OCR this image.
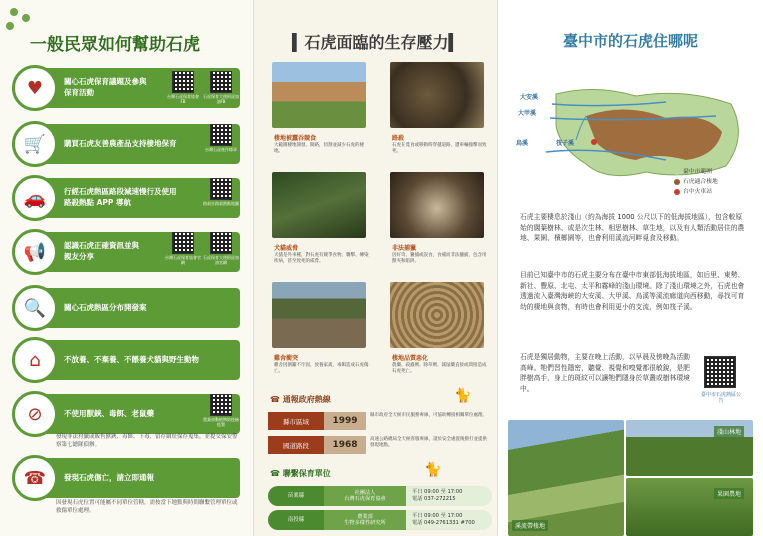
一般民眾如何幫助石虎
♥	關心石虎保育議題及參與
保育活動	台灣石虎保育協會FB
石虎保育大使阿虎加油FB
🛒	購買石虎友善農產品支持棲地保育
台灣石虎產作標章
🚗	行經石虎熱區路段減速慢行及使用
路殺熱點 APP 導航	路殺社路殺熱點地圖
📢	認識石虎正確資訊並與
親友分享	台灣石虎保育協會官網
石虎保育大使阿虎加油官網
🔍	關心石虎熱區分布開發案
⌂	不放養、不棄養、不餵養犬貓與野生動物
⊘	不使用獸鋏、毒餌、老鼠藥
農業部動植物防疫檢疫署
發現非法狩獵或販售獸鋏、毒餌、下毒、留存網址保存蒐集，並提交保安警察第七總隊偵辦。
☎	發現石虎傷亡，請立即通報
因發現石虎位置可能屬不同單位管轄，需按當下地點與時間聯繫管理單位或救傷單位處理。
▍石虎面臨的生存壓力▍
棲地被蠶吞競食
大範圍棲地開發、開路，切割並減少石虎的棲地。
路殺
石虎在覓食或移動時穿越道路，遭車輛撞擊而致死。
犬貓威脅
犬貓是外來種，對石虎有競爭食物、襲擊、傳染疾病，甚至致死的威脅。
非法捕獵
因好奇、獵捕或誤食，食補而非法獵捕，包含用獸夾和陷阱。
雞舍衝突
雞舍因圍籬不牢固，放養家禽，毒餌造成石虎傷亡。
棲地品質惡化
農藥、殺蟲劑、除草劑、減鼠藥直接或間接造成石虎死亡。
☎ 通報政府熱線	🐈
縣市區域	1999
縣市政府全天候市民服務專線，可協助轉接相關單位處理。
國道路段	1968
高速公路總局全天候客服專線，請於安全處置後撥打並提供發現地點。
☎ 聯繫保育單位	🐈
苗栗縣
社團法人
台灣石虎保育協會
平日 09:00 至 17:00
電話 037-272215
南投縣
農業部
生物多樣性研究所
平日 09:00 至 17:00
電話 049-2761331 #700
臺中市的石虎住哪呢
大安溪
大甲溪
烏溪	筏子溪
臺中市範圍
石虎適合棲地
台中火車站
石虎主要棲息於淺山（約為海拔 1000 公尺以下的低海拔地區），包含較原始的闊葉樹林、或是次生林、相思樹林、草生地，以及有人類活動居住的農地、果園、檳榔園等，也會利用溪流河畔覓食及移動。
目前已知臺中市的石虎主要分布在臺中市東部低海拔地區，如后里、東勢、新社、豐原、北屯、太平和霧峰的淺山環境。除了淺山環境之外，石虎也會透過流入臺灣海峽的大安溪、大甲溪、烏溪等溪流廊道向西移動，尋找可育幼的棲地與食物，有時也會利用更小的支流，例如筏子溪。
石虎是獨居動物，主要在晚上活動，以早晨及傍晚為活動高峰。牠們習性隱密，聽覺、視覺和嗅覺都很敏銳，是肥胖樹高手，身上的斑紋可以讓牠們隱身於草叢或樹林環境中。
臺中市石虎熱區公告
溪流帶棲地
淺山林地
果園農地
